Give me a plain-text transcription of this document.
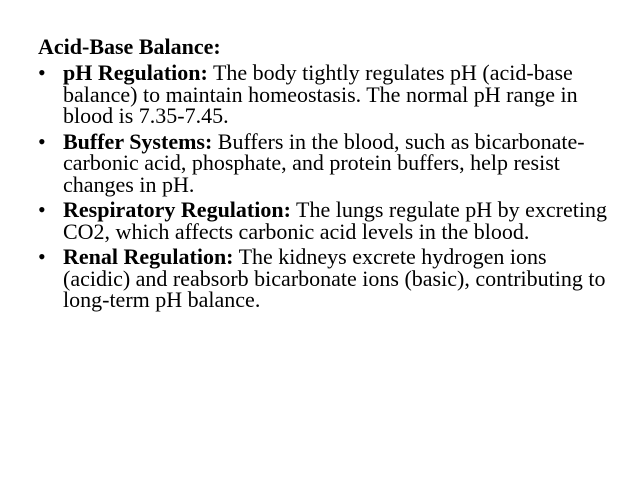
Acid-Base Balance:
• pH Regulation: The body tightly regulates pH (acid-base balance) to maintain homeostasis. The normal pH range in blood is 7.35-7.45.
• Buffer Systems: Buffers in the blood, such as bicarbonate-carbonic acid, phosphate, and protein buffers, help resist changes in pH.
• Respiratory Regulation: The lungs regulate pH by excreting CO2, which affects carbonic acid levels in the blood.
• Renal Regulation: The kidneys excrete hydrogen ions (acidic) and reabsorb bicarbonate ions (basic), contributing to long-term pH balance.
